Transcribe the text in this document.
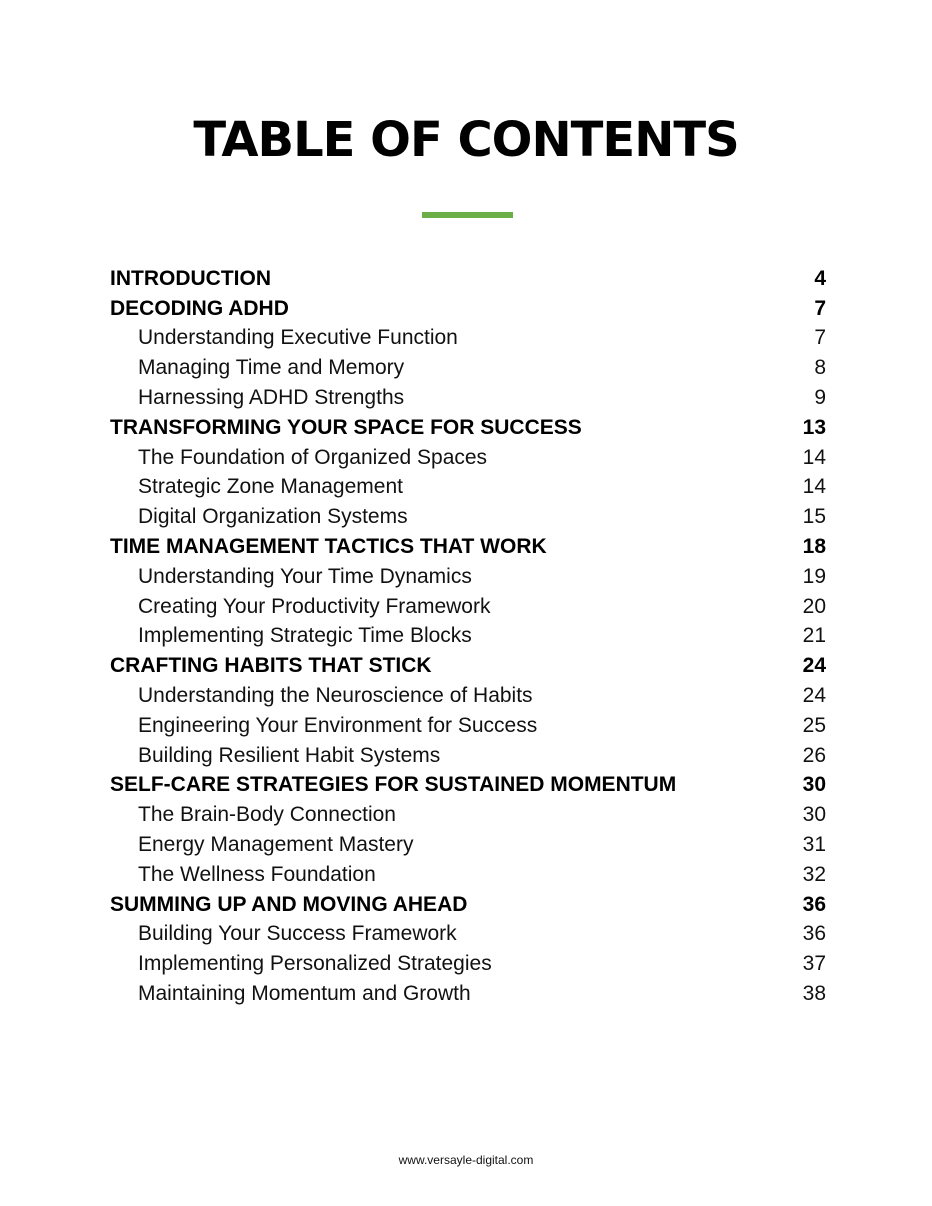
TABLE OF CONTENTS
INTRODUCTION	4
DECODING ADHD	7
Understanding Executive Function	7
Managing Time and Memory	8
Harnessing ADHD Strengths	9
TRANSFORMING YOUR SPACE FOR SUCCESS	13
The Foundation of Organized Spaces	14
Strategic Zone Management	14
Digital Organization Systems	15
TIME MANAGEMENT TACTICS THAT WORK	18
Understanding Your Time Dynamics	19
Creating Your Productivity Framework	20
Implementing Strategic Time Blocks	21
CRAFTING HABITS THAT STICK	24
Understanding the Neuroscience of Habits	24
Engineering Your Environment for Success	25
Building Resilient Habit Systems	26
SELF-CARE STRATEGIES FOR SUSTAINED MOMENTUM	30
The Brain-Body Connection	30
Energy Management Mastery	31
The Wellness Foundation	32
SUMMING UP AND MOVING AHEAD	36
Building Your Success Framework	36
Implementing Personalized Strategies	37
Maintaining Momentum and Growth	38
www.versayle-digital.com
